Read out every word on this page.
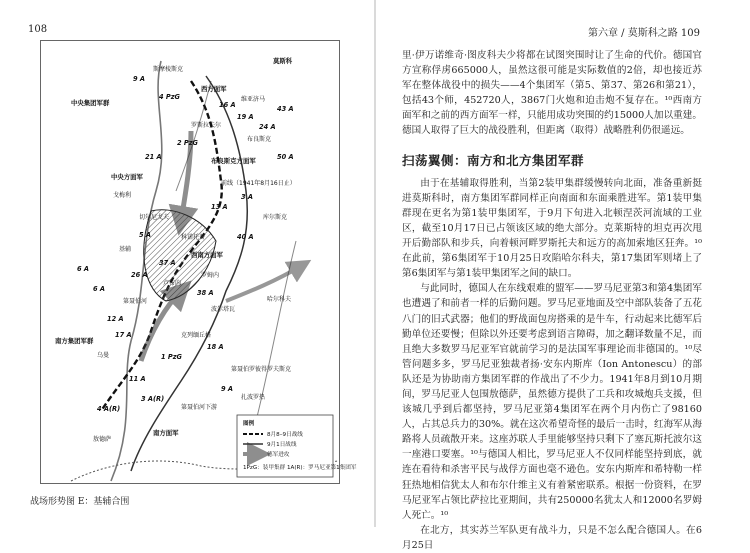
108	第六章 / 莫斯科之路 109
莫斯科
中央集团军群
西方面军
中央方面军
布良斯克方面军
前线（1941年8月16日止）
南方集团军群
西南方面军
南方面军
基辅
第聂伯河
库尔斯克
哈尔科夫
罗斯拉夫尔
戈梅利
科诺托普
波尔塔瓦
第聂伯罗彼得罗夫斯克
斯摩棱斯克
维亚济马
布良斯克
扎波罗热
敖德萨
乌曼
罗姆内
克列缅丘格
卢布内
切尔尼戈夫
第聂伯河下游
9 A
4 PzG
2 PzG
16 A
19 A
24 A
43 A
50 A
3 A
13 A
21 A
40 A
5 A
37 A
26 A
38 A
6 A
12 A
18 A
9 A
11 A
4 A(R)
3 A(R)
1 PzG
6 A
17 A
图例
8月8–9日战线
9月1日战线
德军进攻
1PzG：装甲集群 1A(R)：罗马尼亚第1集团军
战场形势图 E：基辅合围

里·伊万诺维奇·图皮科夫少将都在试图突围时让了生命的代价。德国官方宣称俘虏665000人，虽然这很可能是实际数值的2倍，却也接近苏军在整体战役中的损失——4个集团军（第5、第37、第26和第21），包括43个师，452720人，3867门火炮和迫击炮不复存在。¹⁰西南方面军和之前的西方面军一样，只能用成功突围的约15000人加以重建。德国人取得了巨大的战役胜利，但距离（取得）战略胜利仍很遥远。

扫荡翼侧：南方和北方集团军群

由于在基辅取得胜利，当第2装甲集群缓慢转向北面，准备重新挺进莫斯科时，南方集团军群同样正向南面和东面乘胜进军。第1装甲集群现在更名为第1装甲集团军，于9月下旬进入北顿涅茨河流域的工业区，截至10月17日已占领该区域的绝大部分。克莱斯特的坦克再次甩开后勤部队和步兵，向着顿河畔罗斯托夫和远方的高加索地区狂奔。¹⁰在此前，第6集团军于10月25日攻陷哈尔科夫，第17集团军则堵上了第6集团军与第1装甲集团军之间的缺口。

与此同时，德国人在东线艰难的盟军——罗马尼亚第3和第4集团军也遭遇了和前者一样的后勤问题。罗马尼亚地面及空中部队装备了五花八门的旧式武器；他们的野战面包房搭乘的是牛车，行动起来比德军后勤单位还要慢；但除以外还要考虑到语言障碍，加之翻译数量不足，而且绝大多数罗马尼亚军官就前学习的是法国军事理论而非德国的。¹⁰尽管问题多多，罗马尼亚独裁者扬·安东内斯库（Ion Antonescu）的部队还是为协助南方集团军群的作战出了不少力。1941年8月到10月期间，罗马尼亚人包围敖德萨，虽然德方提供了工兵和攻城炮兵支援，但该城几乎到后都坚持，罗马尼亚第4集团军在两个月内伤亡了98160人，占其总兵力的30%。就在这次希望奇怪的最后一击时，红海军从海路将人员疏散开来。这座苏联人手里能够坚持只剩下了塞瓦斯托波尔这一座港口要塞。¹⁰与德国人相比，罗马尼亚人不仅同样能坚持到底，就连在看待和杀害平民与战俘方面也毫不逊色。安东内斯库和希特勒一样狂热地相信犹太人和布尔什维主义有着紧密联系。根据一份资料，在罗马尼亚军占领比萨拉比亚期间，共有250000名犹太人和12000名罗姆人死亡。¹⁰

在北方，其实苏兰军队更有战斗力，只是不怎么配合德国人。在6月25日
